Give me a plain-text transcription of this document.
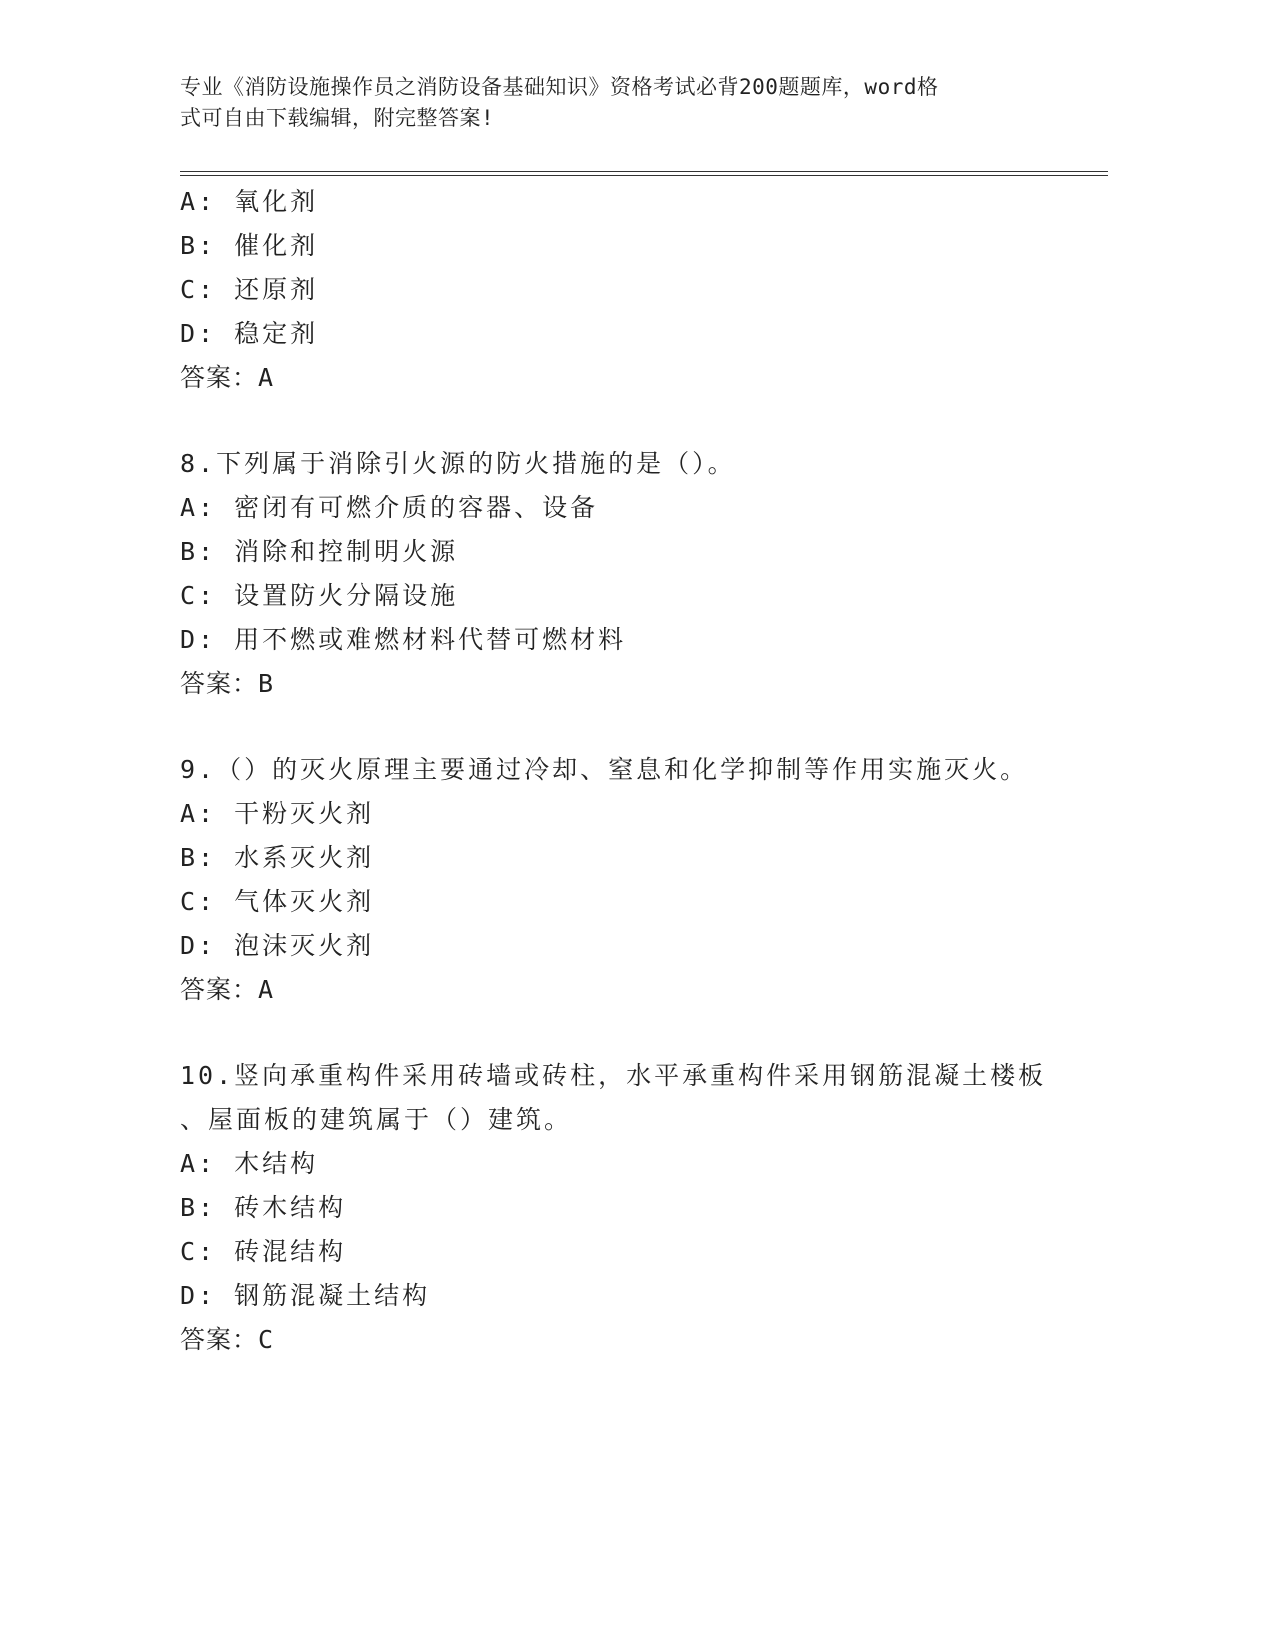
专业《消防设施操作员之消防设备基础知识》资格考试必背200题题库，word格
式可自由下载编辑，附完整答案!
A: 氧化剂
B: 催化剂
C: 还原剂
D: 稳定剂
答案：A
8.下列属于消除引火源的防火措施的是（）。
A: 密闭有可燃介质的容器、设备
B: 消除和控制明火源
C: 设置防火分隔设施
D: 用不燃或难燃材料代替可燃材料
答案：B
9.（）的灭火原理主要通过冷却、窒息和化学抑制等作用实施灭火。
A: 干粉灭火剂
B: 水系灭火剂
C: 气体灭火剂
D: 泡沫灭火剂
答案：A
10.竖向承重构件采用砖墙或砖柱，水平承重构件采用钢筋混凝土楼板
、屋面板的建筑属于（）建筑。
A: 木结构
B: 砖木结构
C: 砖混结构
D: 钢筋混凝土结构
答案：C
